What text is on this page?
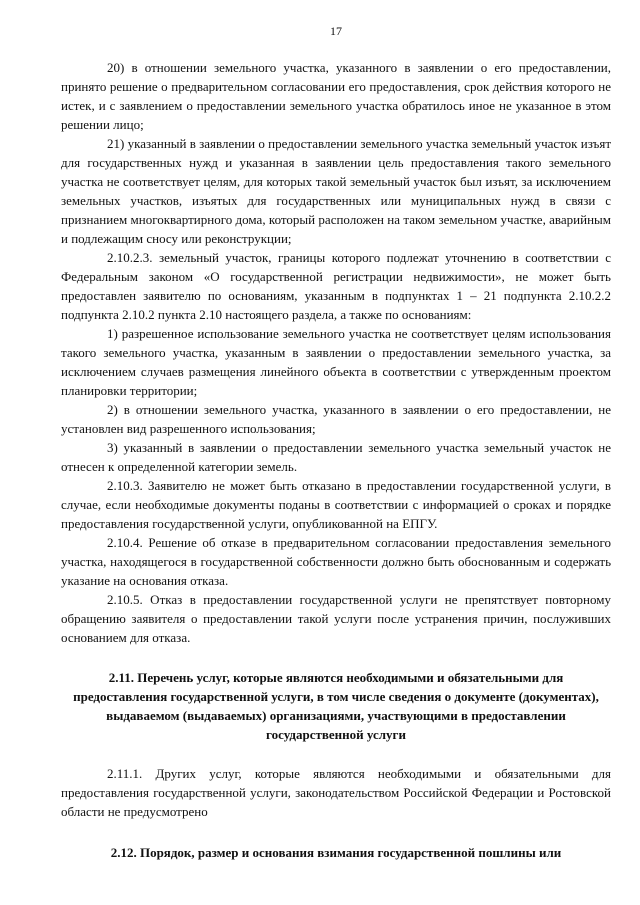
17

20) в отношении земельного участка, указанного в заявлении о его предоставлении, принято решение о предварительном согласовании его предоставления, срок действия которого не истек, и с заявлением о предоставлении земельного участка обратилось иное не указанное в этом решении лицо;

21) указанный в заявлении о предоставлении земельного участка земельный участок изъят для государственных нужд и указанная в заявлении цель предоставления такого земельного участка не соответствует целям, для которых такой земельный участок был изъят, за исключением земельных участков, изъятых для государственных или муниципальных нужд в связи с признанием многоквартирного дома, который расположен на таком земельном участке, аварийным и подлежащим сносу или реконструкции;

2.10.2.3. земельный участок, границы которого подлежат уточнению в соответствии с Федеральным законом «О государственной регистрации недвижимости», не может быть предоставлен заявителю по основаниям, указанным в подпунктах 1 – 21 подпункта 2.10.2.2 подпункта 2.10.2 пункта 2.10 настоящего раздела, а также по основаниям:

1) разрешенное использование земельного участка не соответствует целям использования такого земельного участка, указанным в заявлении о предоставлении земельного участка, за исключением случаев размещения линейного объекта в соответствии с утвержденным проектом планировки территории;

2) в отношении земельного участка, указанного в заявлении о его предоставлении, не установлен вид разрешенного использования;

3) указанный в заявлении о предоставлении земельного участка земельный участок не отнесен к определенной категории земель.

2.10.3. Заявителю не может быть отказано в предоставлении государственной услуги, в случае, если необходимые документы поданы в соответствии с информацией о сроках и порядке предоставления государственной услуги, опубликованной на ЕПГУ.

2.10.4. Решение об отказе в предварительном согласовании предоставления земельного участка, находящегося в государственной собственности должно быть обоснованным и содержать указание на основания отказа.

2.10.5. Отказ в предоставлении государственной услуги не препятствует повторному обращению заявителя о предоставлении такой услуги после устранения причин, послуживших основанием для отказа.

2.11. Перечень услуг, которые являются необходимыми и обязательными для предоставления государственной услуги, в том числе сведения о документе (документах), выдаваемом (выдаваемых) организациями, участвующими в предоставлении государственной услуги

2.11.1. Других услуг, которые являются необходимыми и обязательными для предоставления государственной услуги, законодательством Российской Федерации и Ростовской области не предусмотрено

2.12. Порядок, размер и основания взимания государственной пошлины или
